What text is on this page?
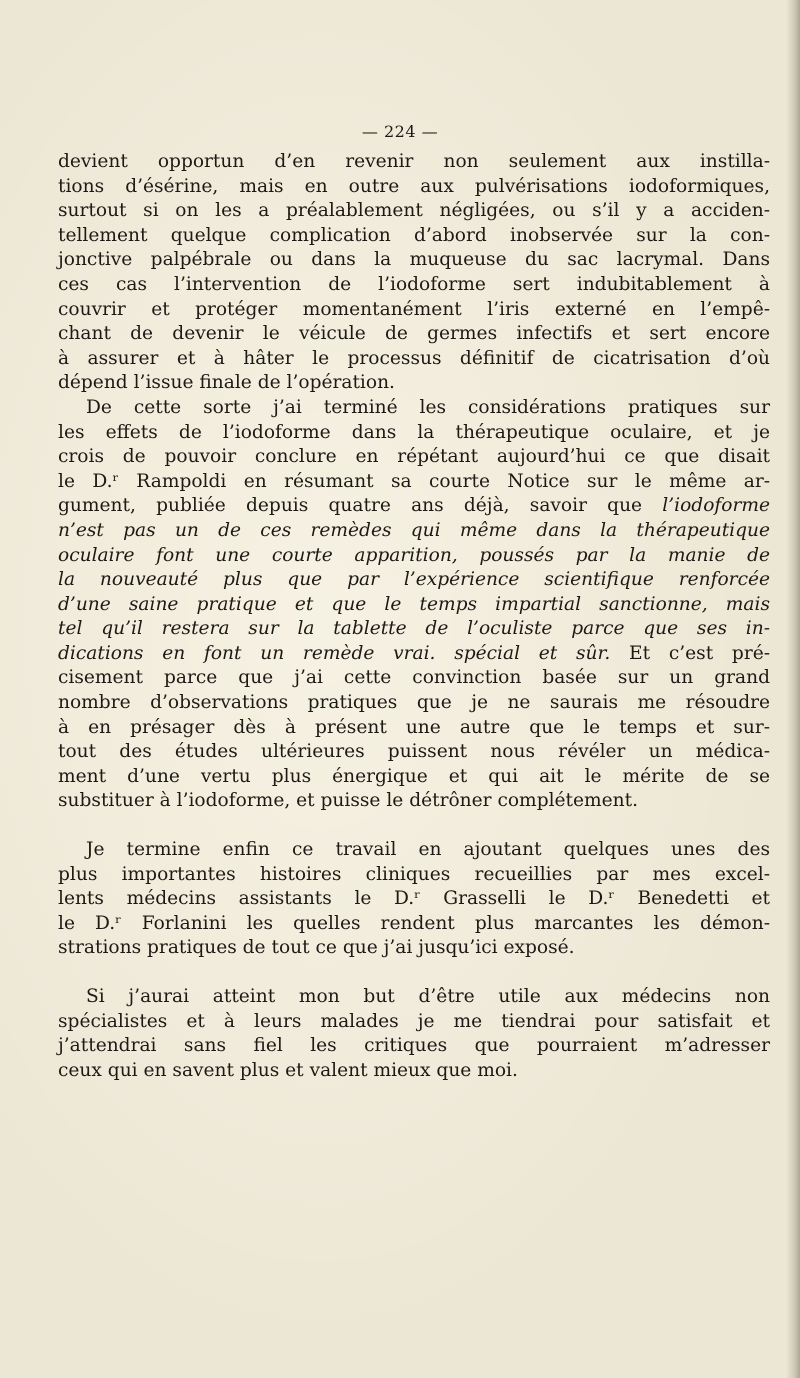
— 224 —
devient opportun d’en revenir non seulement aux instilla-
tions d’ésérine, mais en outre aux pulvérisations iodoformiques,
surtout si on les a préalablement négligées, ou s’il y a acciden-
tellement quelque complication d’abord inobservée sur la con-
jonctive palpébrale ou dans la muqueuse du sac lacrymal. Dans
ces cas l’intervention de l’iodoforme sert indubitablement à
couvrir et protéger momentanément l’iris externé en l’empê-
chant de devenir le véicule de germes infectifs et sert encore
à assurer et à hâter le processus définitif de cicatrisation d’où
dépend l’issue finale de l’opération.
De cette sorte j’ai terminé les considérations pratiques sur
les effets de l’iodoforme dans la thérapeutique oculaire, et je
crois de pouvoir conclure en répétant aujourd’hui ce que disait
le D.ʳ Rampoldi en résumant sa courte Notice sur le même ar-
gument, publiée depuis quatre ans déjà, savoir que l’iodoforme
n’est pas un de ces remèdes qui même dans la thérapeutique
oculaire font une courte apparition, poussés par la manie de
la nouveauté plus que par l’expérience scientifique renforcée
d’une saine pratique et que le temps impartial sanctionne, mais
tel qu’il restera sur la tablette de l’oculiste parce que ses in-
dications en font un remède vrai. spécial et sûr. Et c’est pré-
cisement parce que j’ai cette convinction basée sur un grand
nombre d’observations pratiques que je ne saurais me résoudre
à en présager dès à présent une autre que le temps et sur-
tout des études ultérieures puissent nous révéler un médica-
ment d’une vertu plus énergique et qui ait le mérite de se
substituer à l’iodoforme, et puisse le détrôner complétement.
Je termine enfin ce travail en ajoutant quelques unes des
plus importantes histoires cliniques recueillies par mes excel-
lents médecins assistants le D.ʳ Grasselli le D.ʳ Benedetti et
le D.ʳ Forlanini les quelles rendent plus marcantes les démon-
strations pratiques de tout ce que j’ai jusqu’ici exposé.
Si j’aurai atteint mon but d’être utile aux médecins non
spécialistes et à leurs malades je me tiendrai pour satisfait et
j’attendrai sans fiel les critiques que pourraient m’adresser
ceux qui en savent plus et valent mieux que moi.
